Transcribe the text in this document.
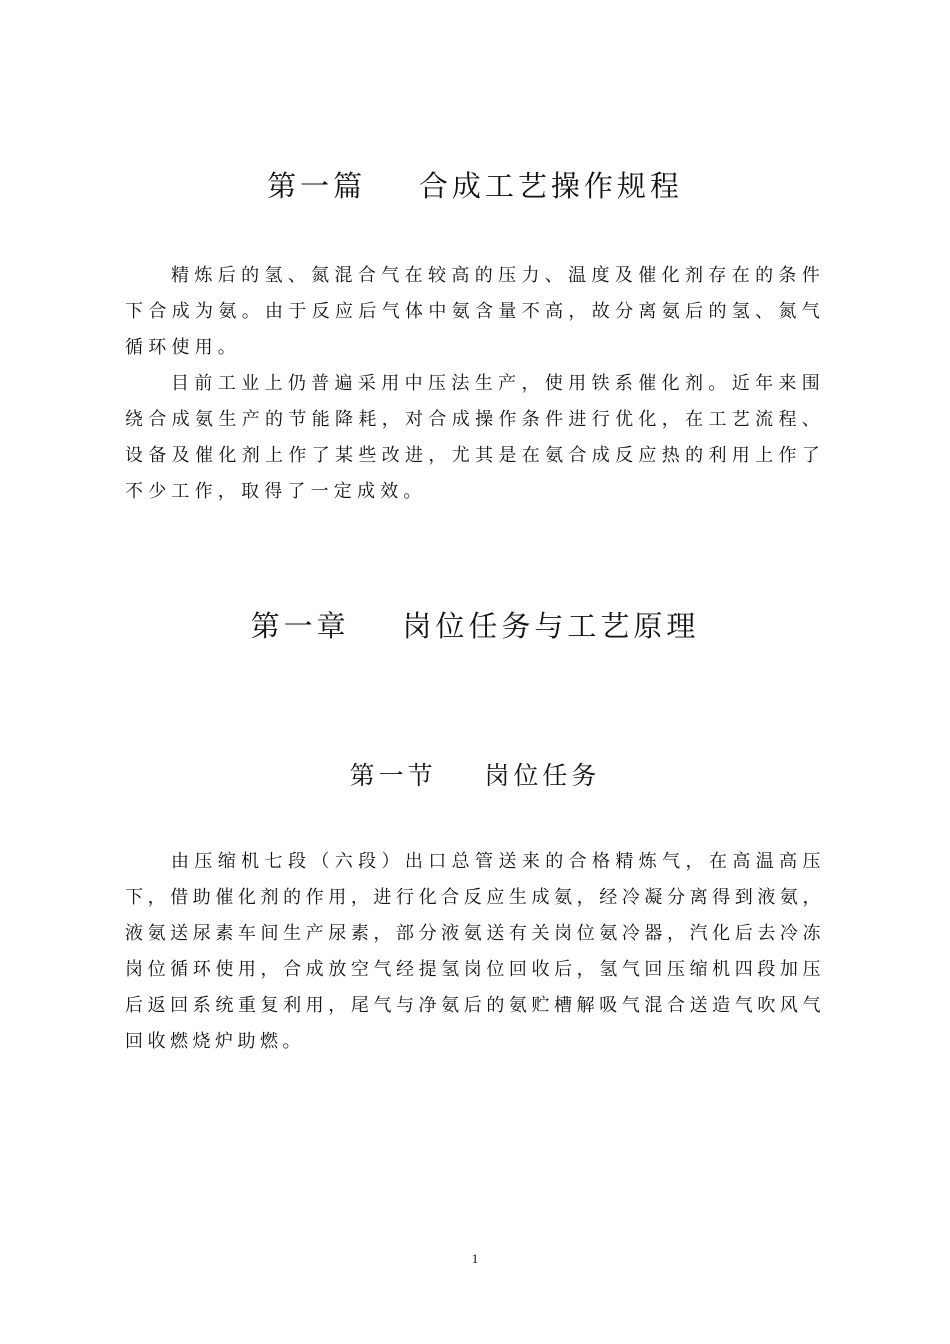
第一篇    合成工艺操作规程

精炼后的氢、氮混合气在较高的压力、温度及催化剂存在的条件下合成为氨。由于反应后气体中氨含量不高，故分离氨后的氢、氮气循环使用。

目前工业上仍普遍采用中压法生产，使用铁系催化剂。近年来围绕合成氨生产的节能降耗，对合成操作条件进行优化，在工艺流程、设备及催化剂上作了某些改进，尤其是在氨合成反应热的利用上作了不少工作，取得了一定成效。

第一章    岗位任务与工艺原理
第一节    岗位任务

由压缩机七段（六段）出口总管送来的合格精炼气，在高温高压下，借助催化剂的作用，进行化合反应生成氨，经冷凝分离得到液氨，液氨送尿素车间生产尿素，部分液氨送有关岗位氨冷器，汽化后去冷冻岗位循环使用，合成放空气经提氢岗位回收后，氢气回压缩机四段加压后返回系统重复利用，尾气与净氨后的氨贮槽解吸气混合送造气吹风气回收燃烧炉助燃。

1
